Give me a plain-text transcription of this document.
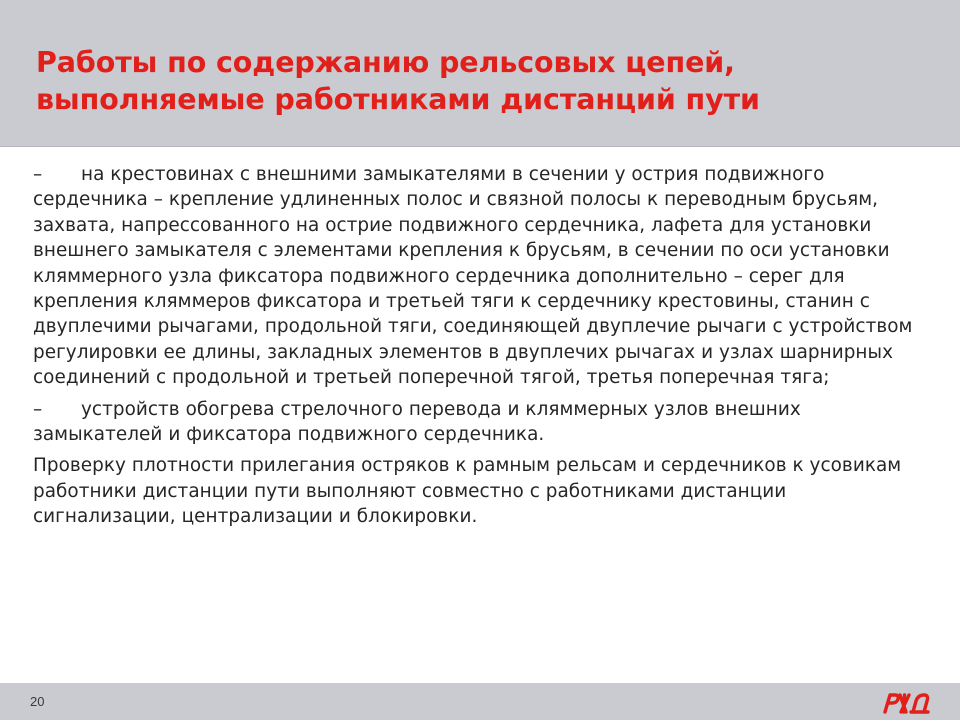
Работы по содержанию рельсовых цепей, выполняемые работниками дистанций пути

– на крестовинах с внешними замыкателями в сечении у острия подвижного сердечника – крепление удлиненных полос и связной полосы к переводным брусьям, захвата, напрессованного на острие подвижного сердечника, лафета для установки внешнего замыкателя с элементами крепления к брусьям, в сечении по оси установки кляммерного узла фиксатора подвижного сердечника дополнительно – серег для крепления кляммеров фиксатора и третьей тяги к сердечнику крестовины, станин с двуплечими рычагами, продольной тяги, соединяющей двуплечие рычаги с устройством регулировки ее длины, закладных элементов в двуплечих рычагах и узлах шарнирных соединений с продольной и третьей поперечной тягой, третья поперечная тяга;

– устройств обогрева стрелочного перевода и кляммерных узлов внешних замыкателей и фиксатора подвижного сердечника.

Проверку плотности прилегания остряков к рамным рельсам и сердечников к усовикам работники дистанции пути выполняют совместно с работниками дистанции сигнализации, централизации и блокировки.

20
